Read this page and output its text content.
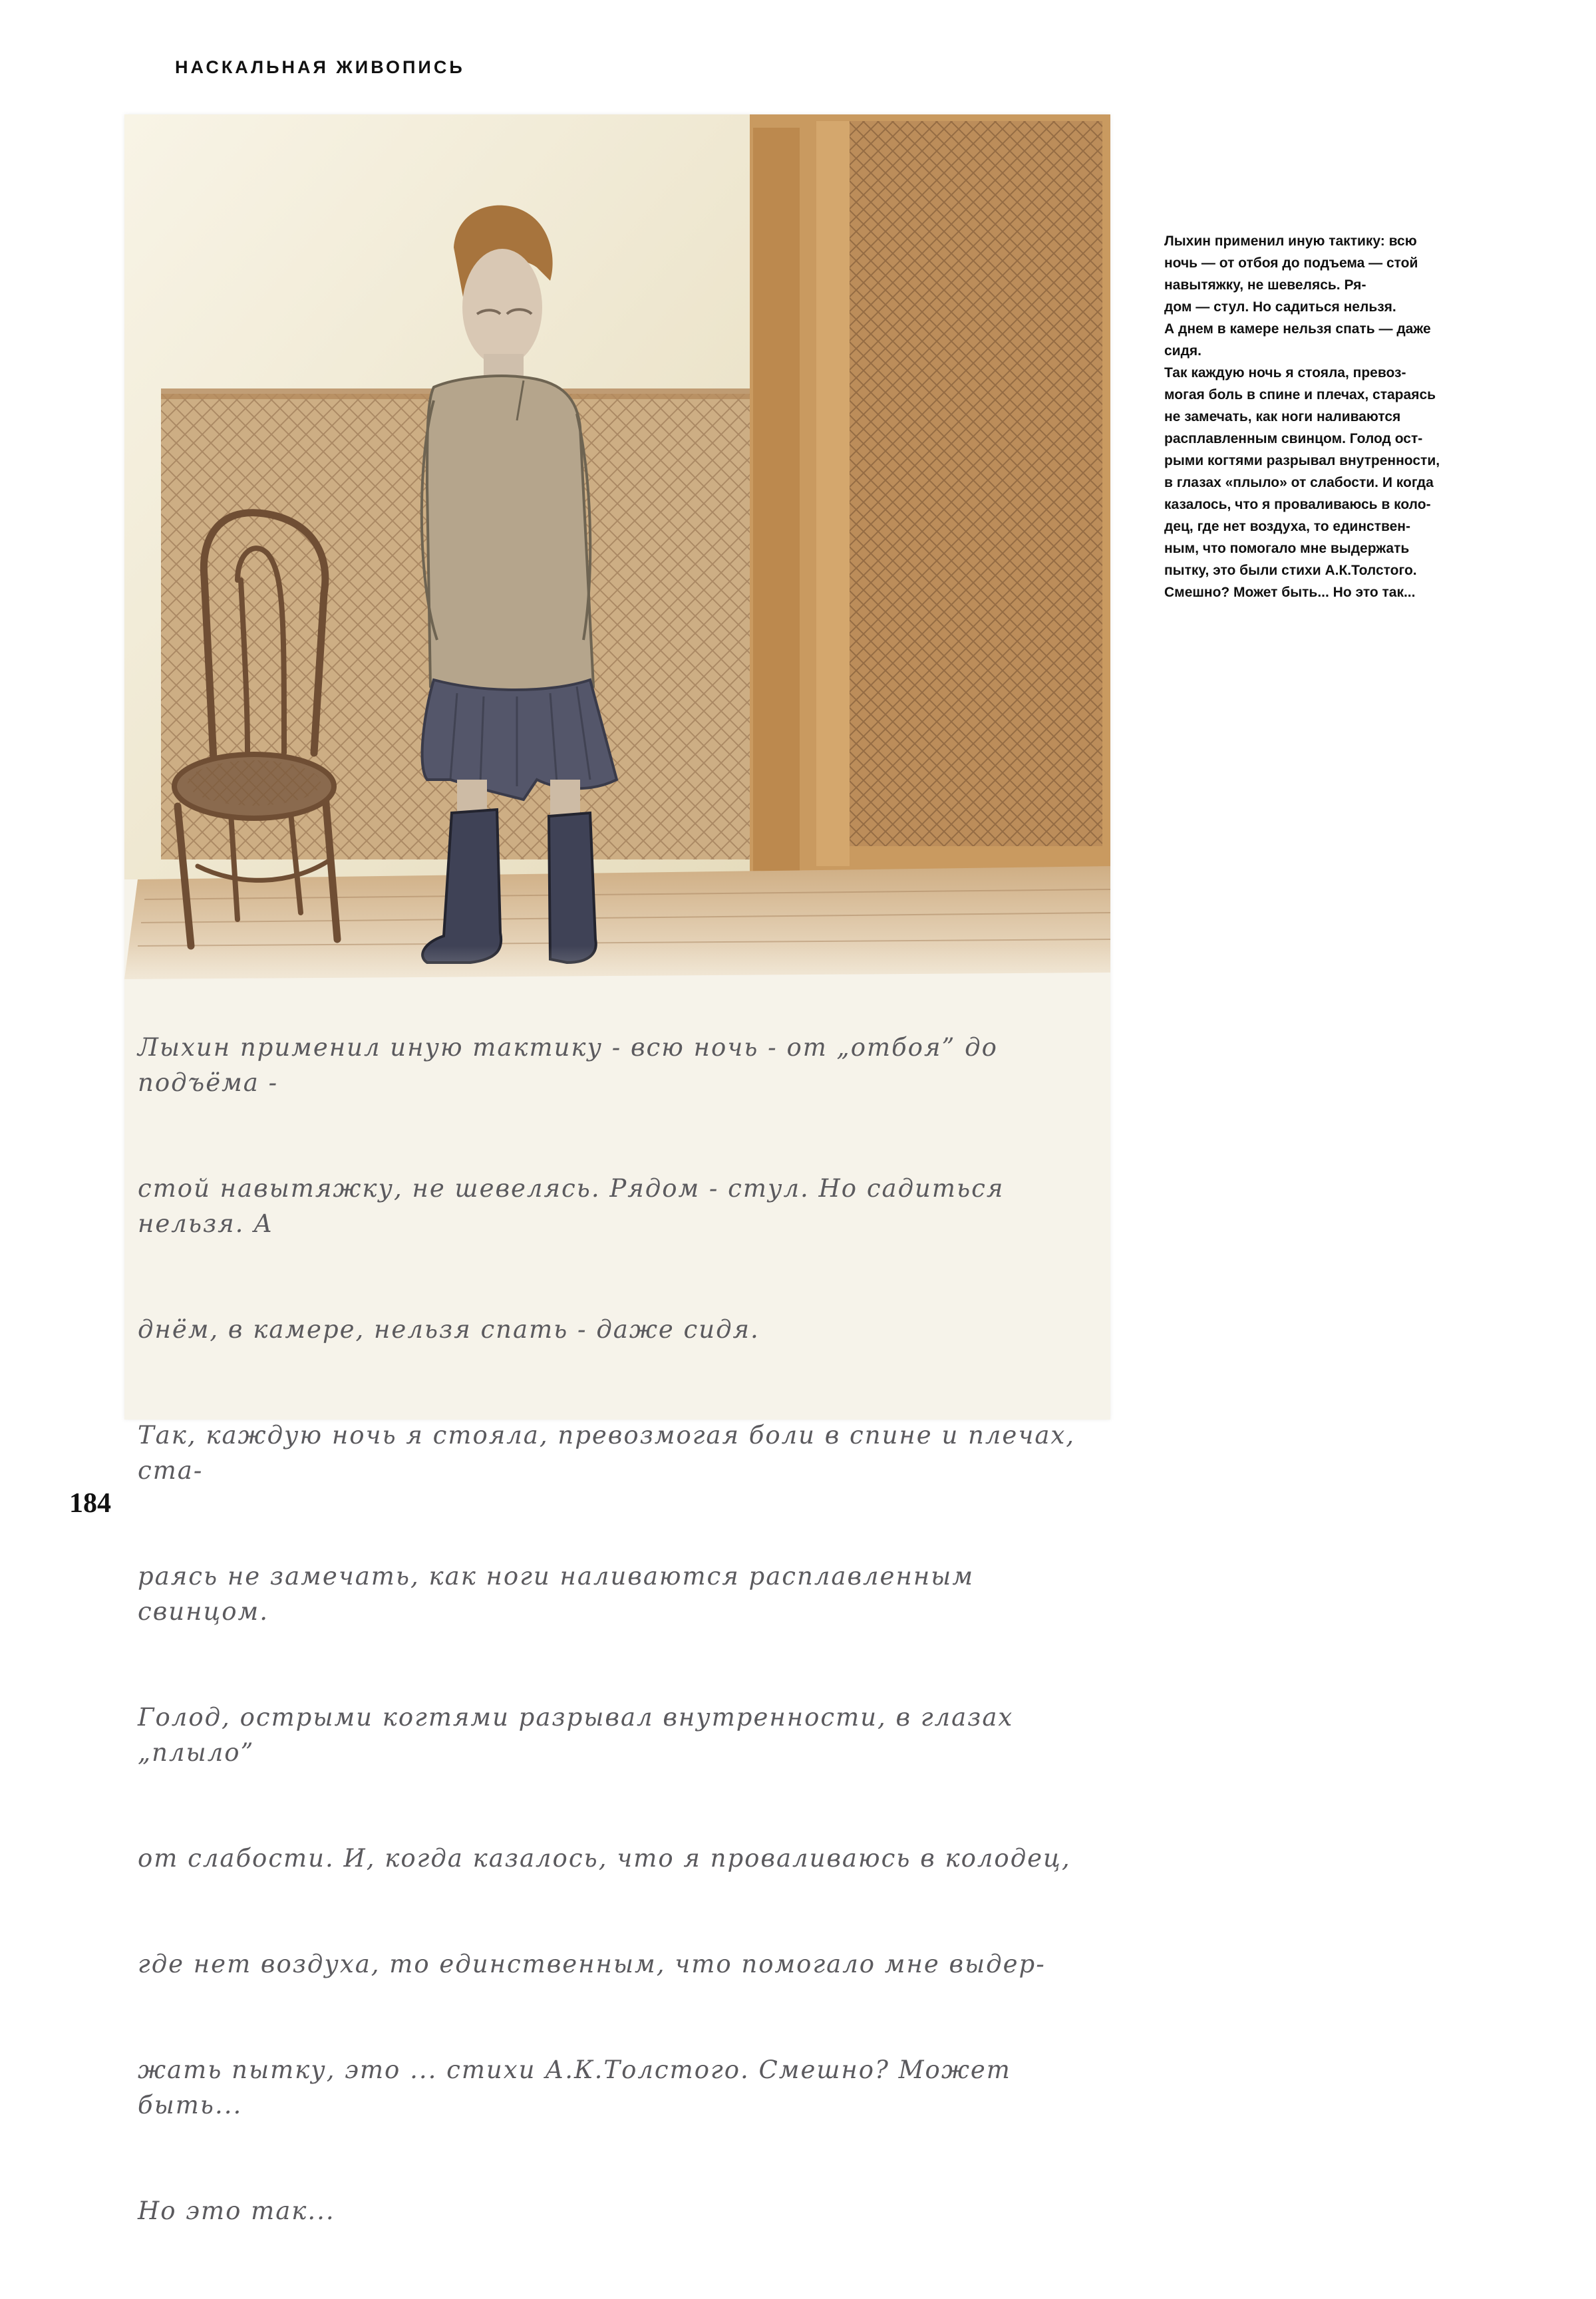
НАСКАЛЬНАЯ ЖИВОПИСЬ

Лыхин применил иную тактику - всю ночь - от „отбоя” до подъёма -

стой навытяжку, не шевелясь. Рядом - стул. Но садиться нельзя. А

днём, в камере, нельзя спать - даже сидя.

Так, каждую ночь я стояла, превозмогая боли в спине и плечах, ста-

раясь не замечать, как ноги наливаются расплавленным свинцом.

Голод, острыми когтями разрывал внутренности, в глазах „плыло”

от слабости. И, когда казалось, что я проваливаюсь в колодец,

где нет воздуха, то единственным, что помогало мне выдер-

жать пытку, это ... стихи А.К.Толстого. Смешно? Может быть...

Но это так...

Лыхин применил иную тактику: всю
ночь — от отбоя до подъема — стой
навытяжку, не шевелясь. Ря-
дом — стул. Но садиться нельзя.
А днем в камере нельзя спать — даже
сидя.
Так каждую ночь я стояла, превоз-
могая боль в спине и плечах, стараясь
не замечать, как ноги наливаются
расплавленным свинцом. Голод ост-
рыми когтями разрывал внутренности,
в глазах «плыло» от слабости. И когда
казалось, что я проваливаюсь в коло-
дец, где нет воздуха, то единствен-
ным, что помогало мне выдержать
пытку, это были стихи А.К.Толстого.
Смешно? Может быть... Но это так...
184
